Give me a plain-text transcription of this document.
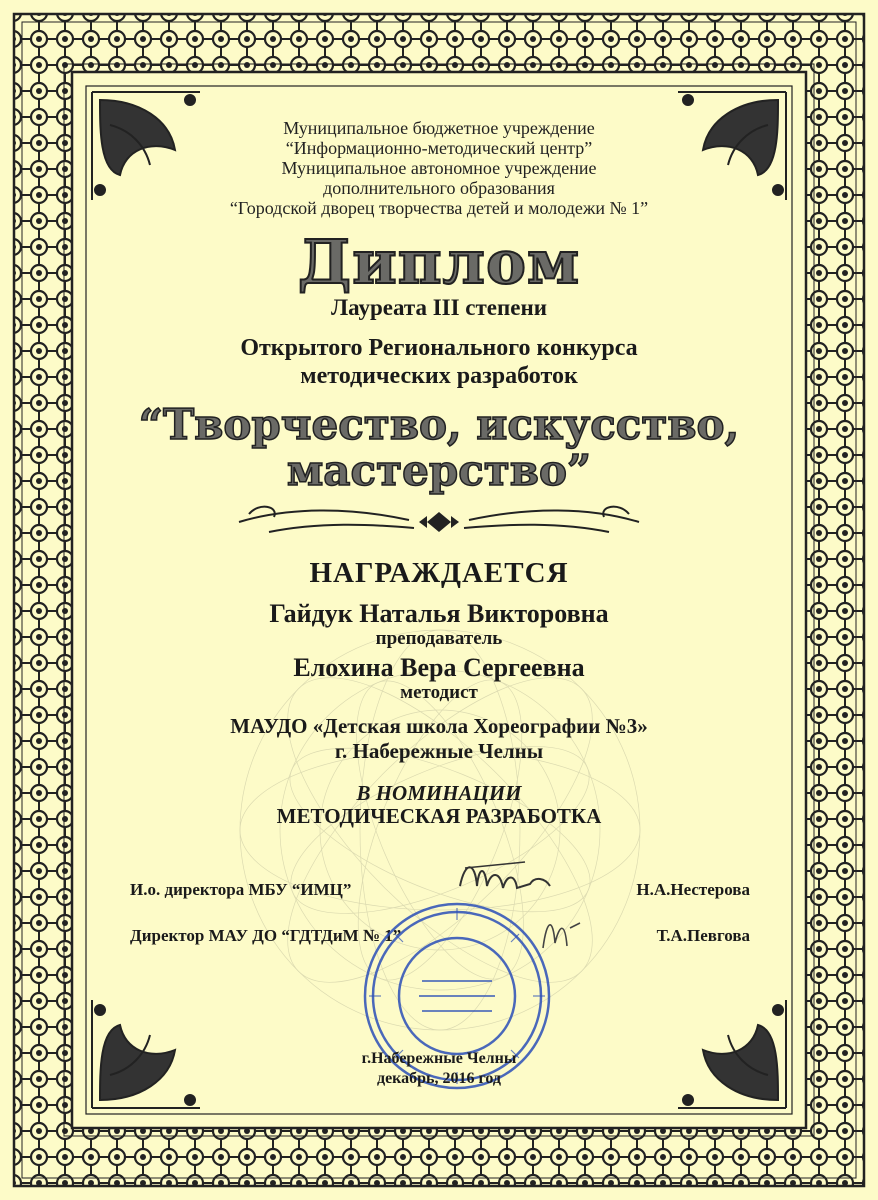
Муниципальное бюджетное учреждение
“Информационно-методический центр”
Муниципальное автономное учреждение
дополнительного образования
“Городской дворец творчества детей и молодежи № 1”
Диплом
Лауреата III степени
Открытого Регионального конкурса
методических разработок
“Творчество, искусство,
мастерство”
НАГРАЖДАЕТСЯ
Гайдук Наталья Викторовна
преподаватель
Елохина Вера Сергеевна
методист
МАУДО «Детская школа Хореографии №3»
г. Набережные Челны
В НОМИНАЦИИ
МЕТОДИЧЕСКАЯ РАЗРАБОТКА
И.о. директора МБУ “ИМЦ”	Н.А.Нестерова
Директор МАУ ДО “ГДТДиМ № 1”	Т.А.Певгова
г.Набережные Челны
декабрь, 2016 год
